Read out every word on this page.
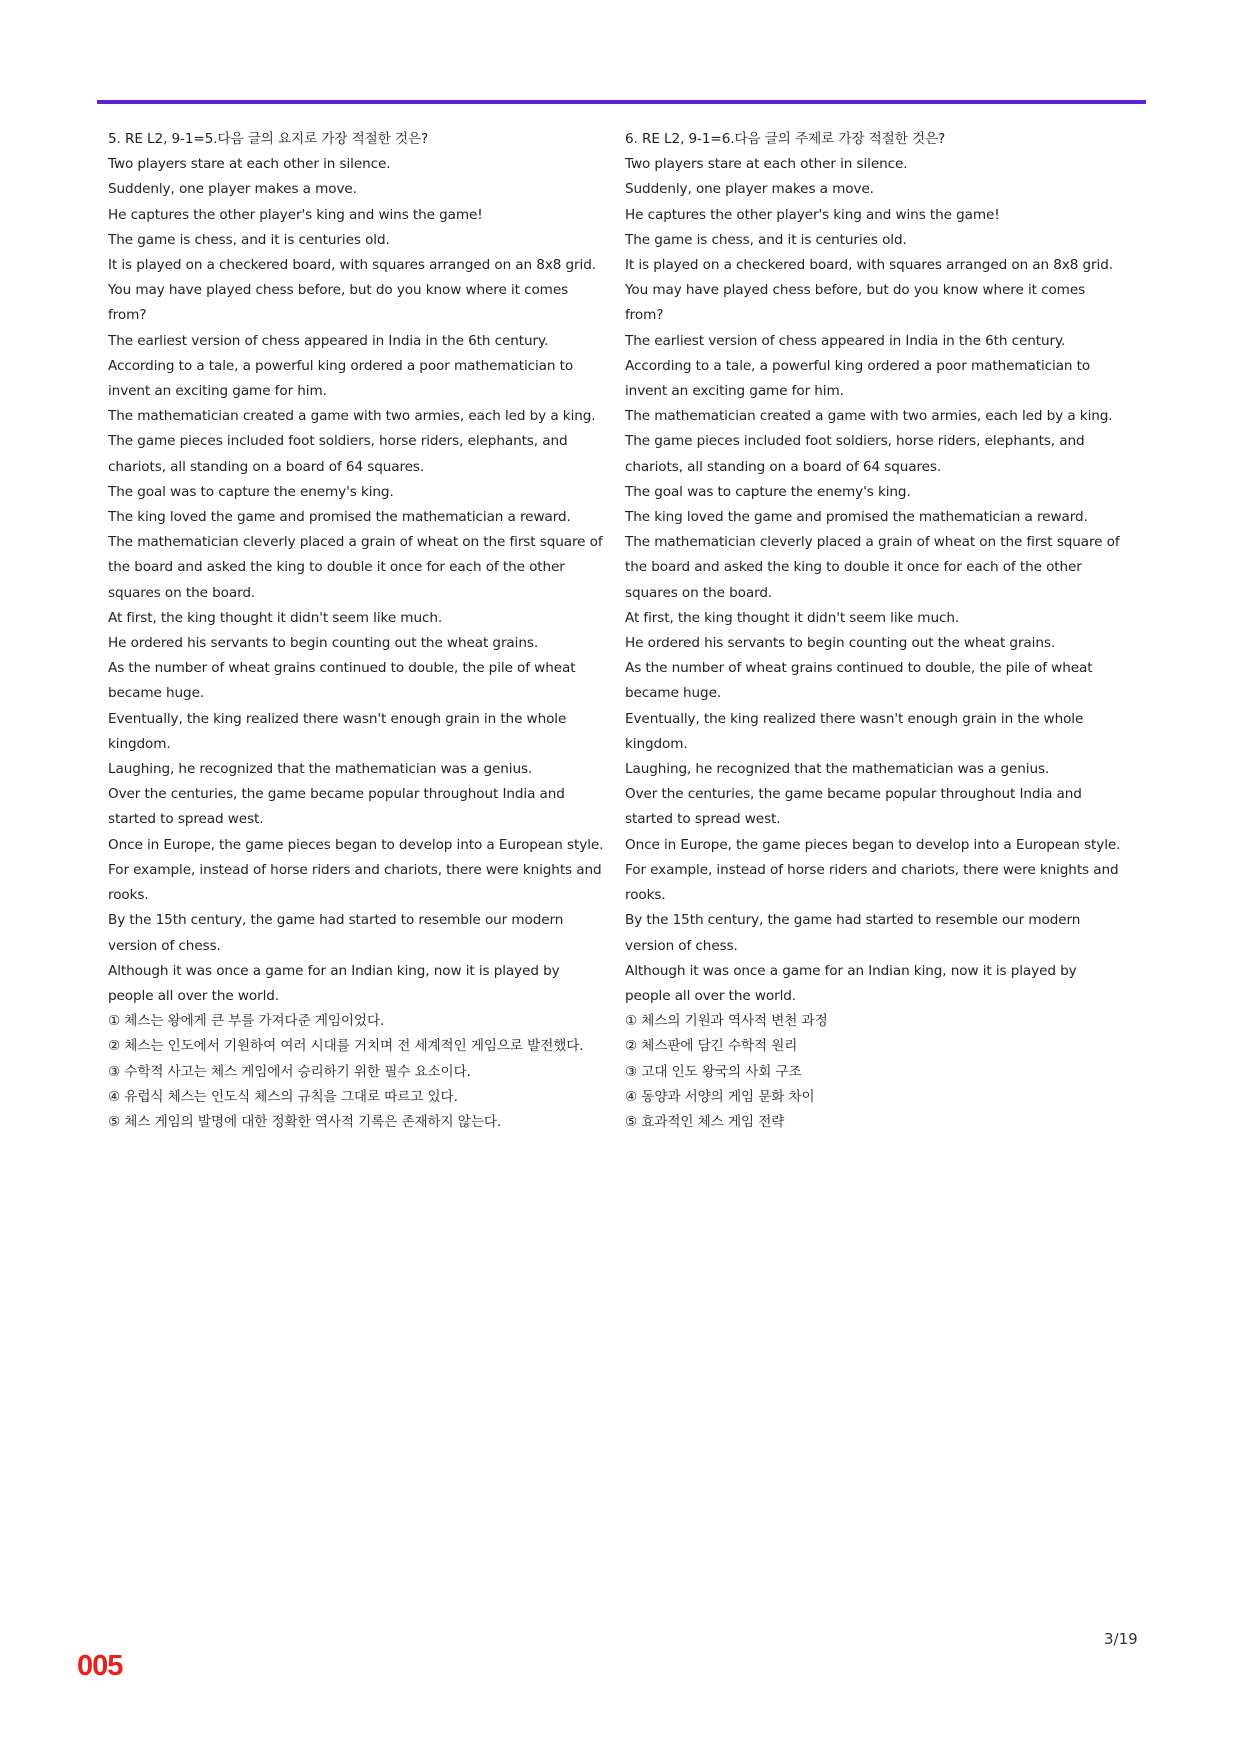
5. RE L2, 9-1=5.다음 글의 요지로 가장 적절한 것은?
Two players stare at each other in silence.
Suddenly, one player makes a move.
He captures the other player's king and wins the game!
The game is chess, and it is centuries old.
It is played on a checkered board, with squares arranged on an 8x8 grid.
You may have played chess before, but do you know where it comes
from?
The earliest version of chess appeared in India in the 6th century.
According to a tale, a powerful king ordered a poor mathematician to
invent an exciting game for him.
The mathematician created a game with two armies, each led by a king.
The game pieces included foot soldiers, horse riders, elephants, and
chariots, all standing on a board of 64 squares.
The goal was to capture the enemy's king.
The king loved the game and promised the mathematician a reward.
The mathematician cleverly placed a grain of wheat on the first square of
the board and asked the king to double it once for each of the other
squares on the board.
At first, the king thought it didn't seem like much.
He ordered his servants to begin counting out the wheat grains.
As the number of wheat grains continued to double, the pile of wheat
became huge.
Eventually, the king realized there wasn't enough grain in the whole
kingdom.
Laughing, he recognized that the mathematician was a genius.
Over the centuries, the game became popular throughout India and
started to spread west.
Once in Europe, the game pieces began to develop into a European style.
For example, instead of horse riders and chariots, there were knights and
rooks.
By the 15th century, the game had started to resemble our modern
version of chess.
Although it was once a game for an Indian king, now it is played by
people all over the world.
① 체스는 왕에게 큰 부를 가져다준 게임이었다.
② 체스는 인도에서 기원하여 여러 시대를 거치며 전 세계적인 게임으로 발전했다.
③ 수학적 사고는 체스 게임에서 승리하기 위한 필수 요소이다.
④ 유럽식 체스는 인도식 체스의 규칙을 그대로 따르고 있다.
⑤ 체스 게임의 발명에 대한 정확한 역사적 기록은 존재하지 않는다.
6. RE L2, 9-1=6.다음 글의 주제로 가장 적절한 것은?
Two players stare at each other in silence.
Suddenly, one player makes a move.
He captures the other player's king and wins the game!
The game is chess, and it is centuries old.
It is played on a checkered board, with squares arranged on an 8x8 grid.
You may have played chess before, but do you know where it comes
from?
The earliest version of chess appeared in India in the 6th century.
According to a tale, a powerful king ordered a poor mathematician to
invent an exciting game for him.
The mathematician created a game with two armies, each led by a king.
The game pieces included foot soldiers, horse riders, elephants, and
chariots, all standing on a board of 64 squares.
The goal was to capture the enemy's king.
The king loved the game and promised the mathematician a reward.
The mathematician cleverly placed a grain of wheat on the first square of
the board and asked the king to double it once for each of the other
squares on the board.
At first, the king thought it didn't seem like much.
He ordered his servants to begin counting out the wheat grains.
As the number of wheat grains continued to double, the pile of wheat
became huge.
Eventually, the king realized there wasn't enough grain in the whole
kingdom.
Laughing, he recognized that the mathematician was a genius.
Over the centuries, the game became popular throughout India and
started to spread west.
Once in Europe, the game pieces began to develop into a European style.
For example, instead of horse riders and chariots, there were knights and
rooks.
By the 15th century, the game had started to resemble our modern
version of chess.
Although it was once a game for an Indian king, now it is played by
people all over the world.
① 체스의 기원과 역사적 변천 과정
② 체스판에 담긴 수학적 원리
③ 고대 인도 왕국의 사회 구조
④ 동양과 서양의 게임 문화 차이
⑤ 효과적인 체스 게임 전략
3/19
005
